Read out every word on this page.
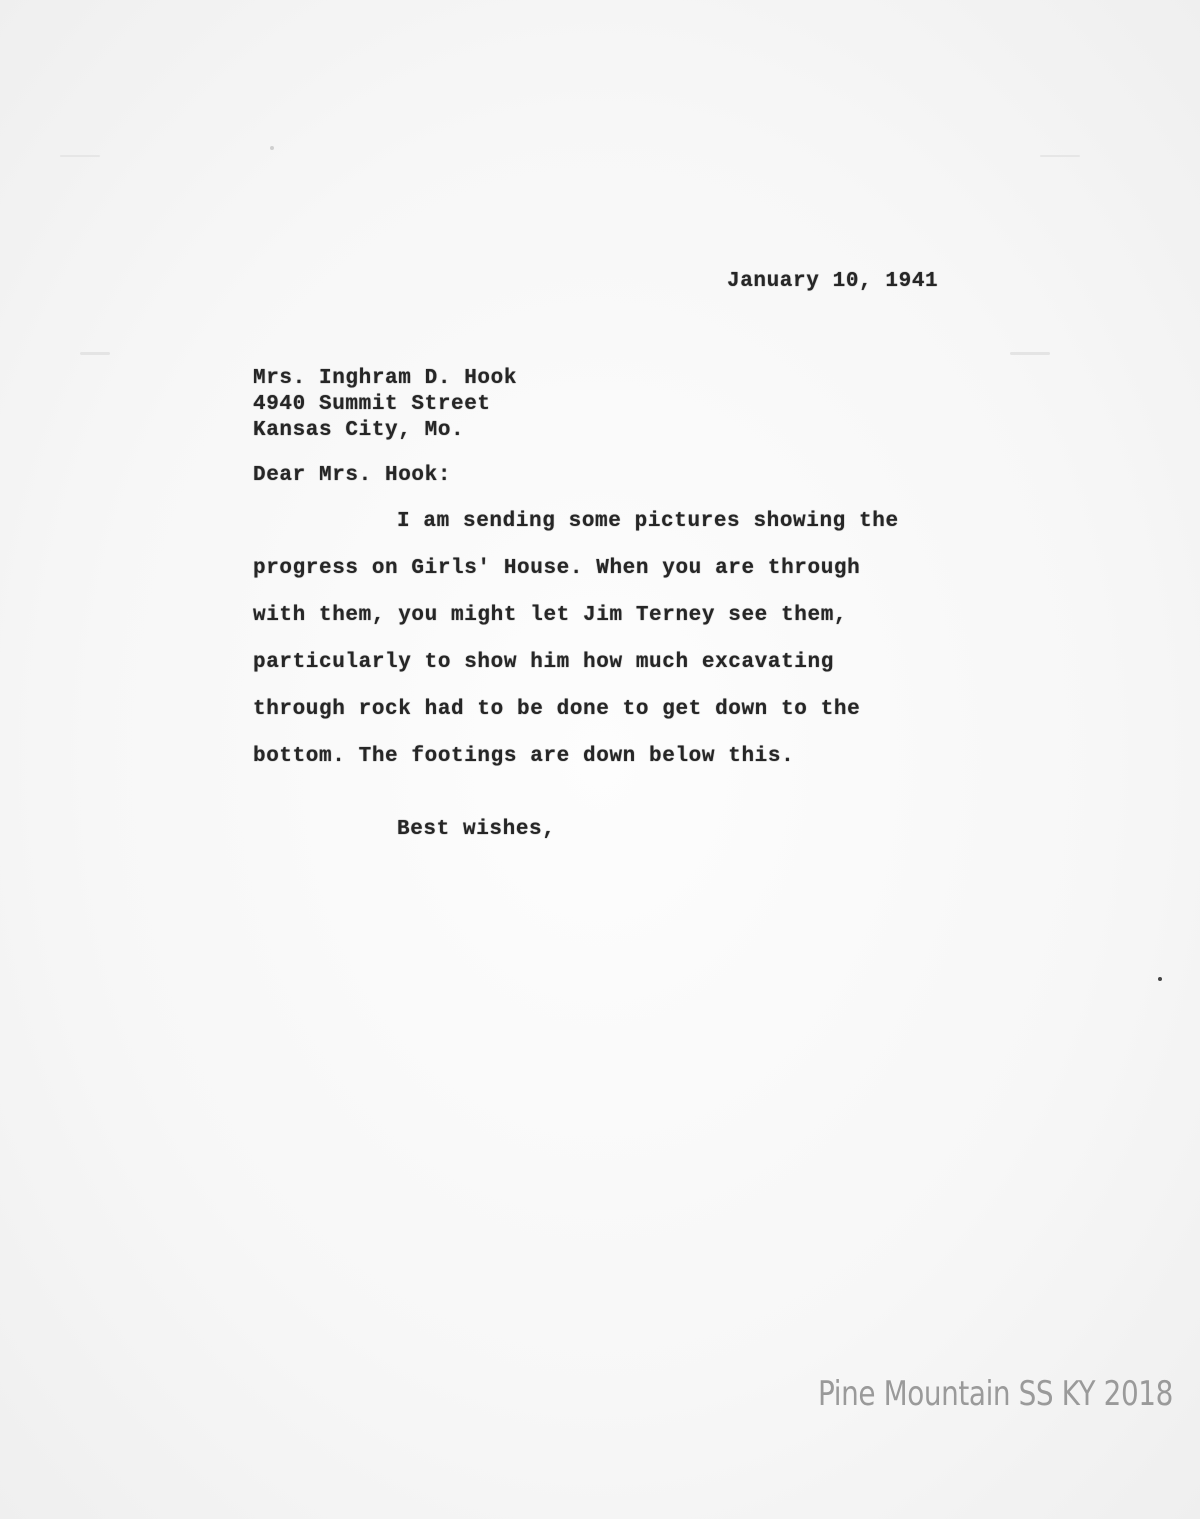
January 10, 1941
Mrs. Inghram D. Hook
4940 Summit Street
Kansas City, Mo.
Dear Mrs. Hook:
I am sending some pictures showing the
progress on Girls' House. When you are through
with them, you might let Jim Terney see them,
particularly to show him how much excavating
through rock had to be done to get down to the
bottom. The footings are down below this.
Best wishes,
Pine Mountain SS KY 2018
